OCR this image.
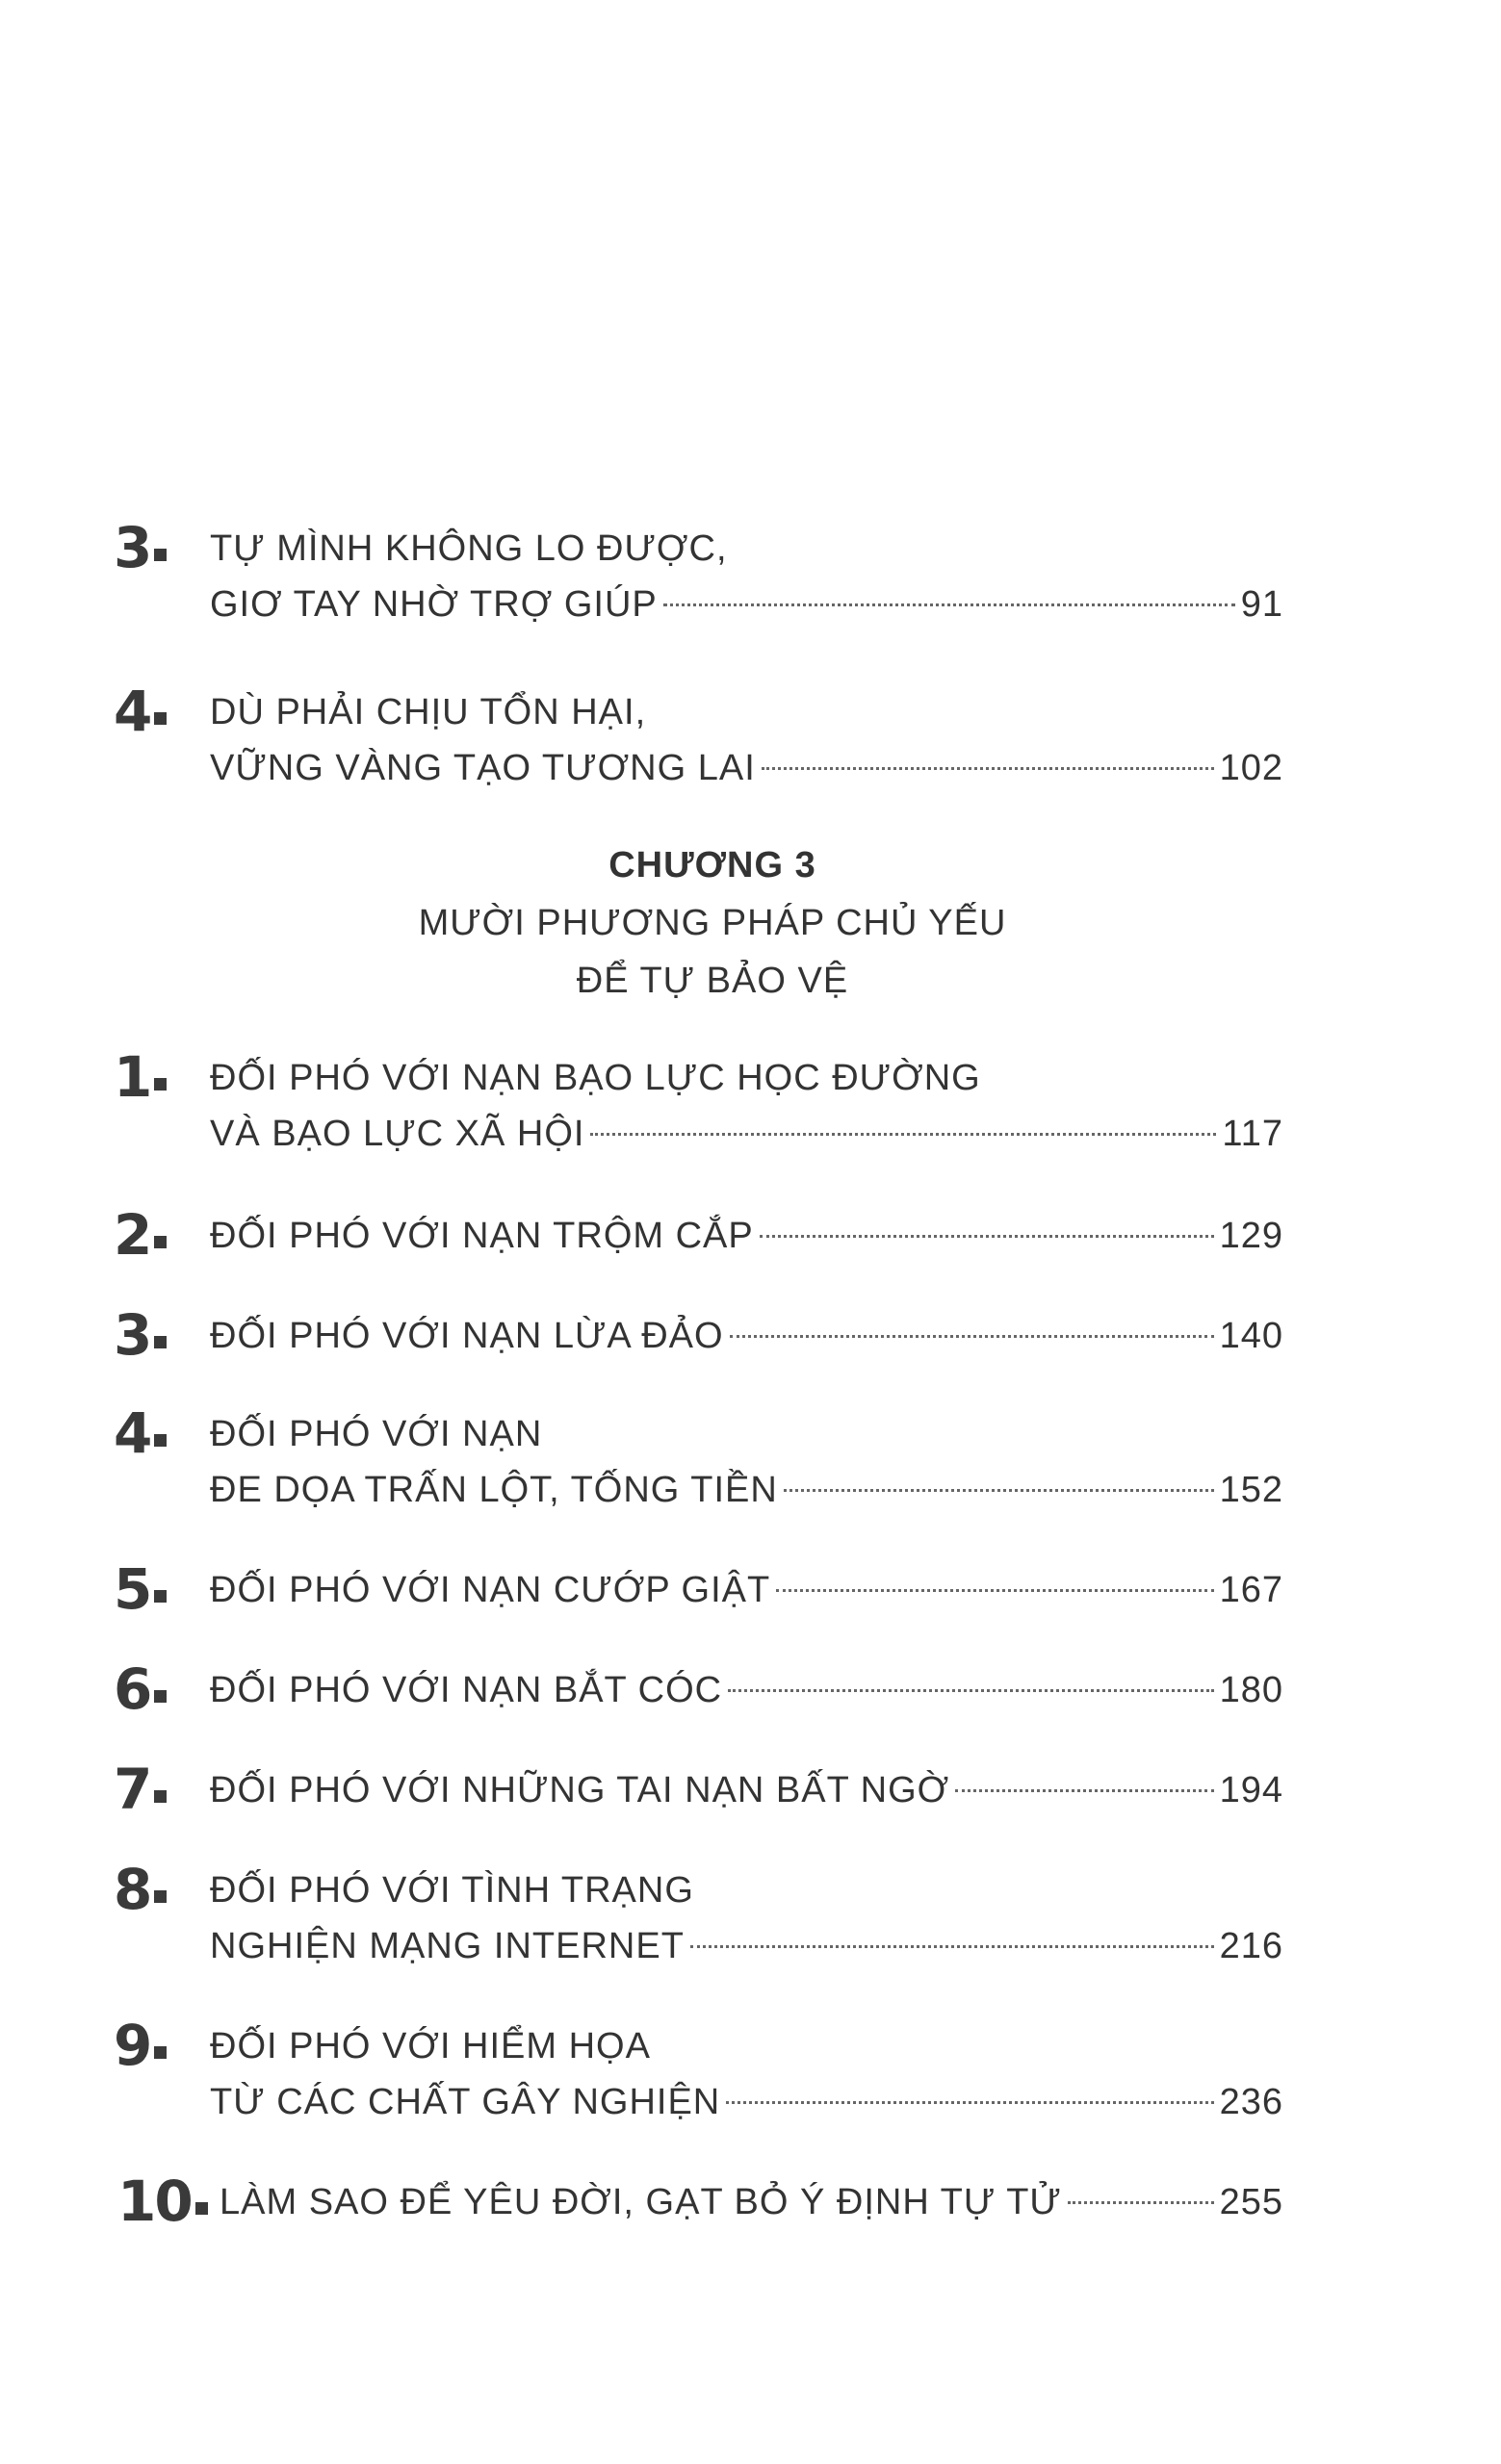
3	TỰ MÌNH KHÔNG LO ĐƯỢC,
GIƠ TAY NHỜ TRỢ GIÚP	91
4	DÙ PHẢI CHỊU TỔN HẠI,
VỮNG VÀNG TẠO TƯƠNG LAI	102
CHƯƠNG 3
MƯỜI PHƯƠNG PHÁP CHỦ YẾU
ĐỂ TỰ BẢO VỆ
1	ĐỐI PHÓ VỚI NẠN BẠO LỰC HỌC ĐƯỜNG
VÀ BẠO LỰC XÃ HỘI	117
2	ĐỐI PHÓ VỚI NẠN TRỘM CẮP	129
3	ĐỐI PHÓ VỚI NẠN LỪA ĐẢO	140
4	ĐỐI PHÓ VỚI NẠN
ĐE DỌA TRẤN LỘT, TỐNG TIỀN	152
5	ĐỐI PHÓ VỚI NẠN CƯỚP GIẬT	167
6	ĐỐI PHÓ VỚI NẠN BẮT CÓC	180
7	ĐỐI PHÓ VỚI NHỮNG TAI NẠN BẤT NGỜ	194
8	ĐỐI PHÓ VỚI TÌNH TRẠNG
NGHIỆN MẠNG INTERNET	216
9	ĐỐI PHÓ VỚI HIỂM HỌA
TỪ CÁC CHẤT GÂY NGHIỆN	236
10 LÀM SAO ĐỂ YÊU ĐỜI, GẠT BỎ Ý ĐỊNH TỰ TỬ	255
